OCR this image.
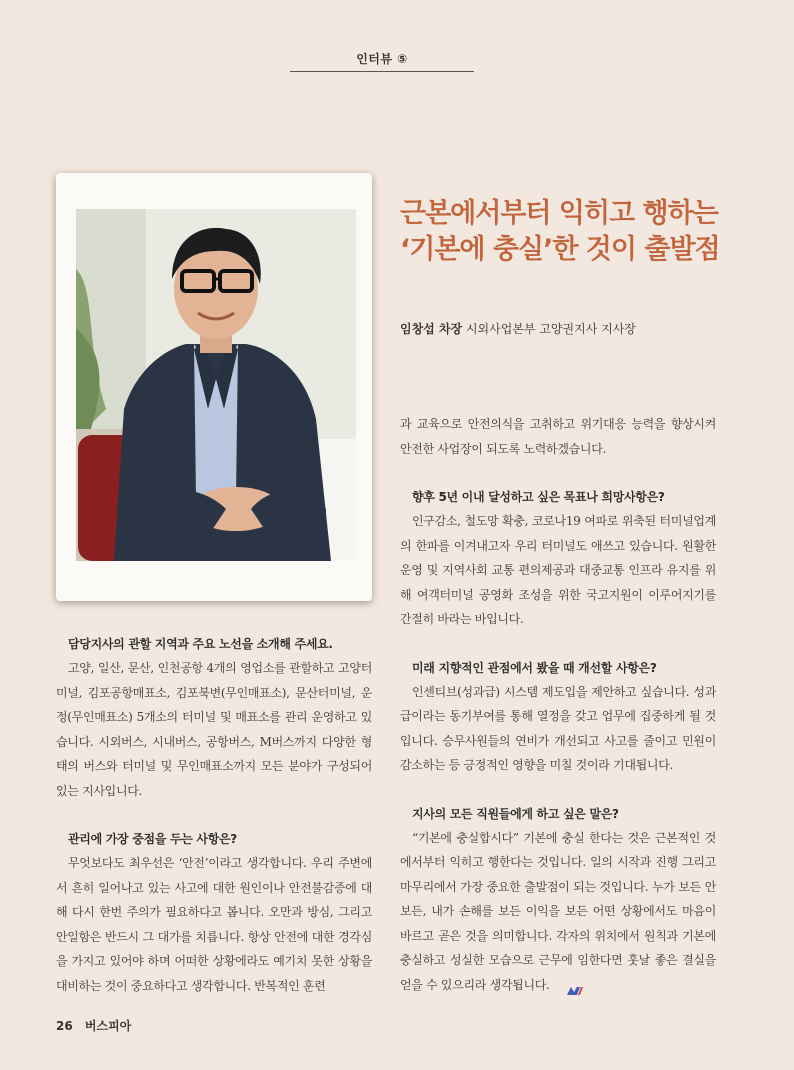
인터뷰 ⑤
근본에서부터 익히고 행하는
‘기본에 충실’한 것이 출발점
임창섭 차장 시외사업본부 고양권지사 지사장
담당지사의 관할 지역과 주요 노선을 소개해 주세요.

고양, 일산, 문산, 인천공항 4개의 영업소를 관할하고 고양터미널, 김포공항매표소, 김포북변(무인매표소), 문산터미널, 운정(무인매표소) 5개소의 터미널 및 매표소를 관리 운영하고 있습니다. 시외버스, 시내버스, 공항버스, M버스까지 다양한 형태의 버스와 터미널 및 무인매표소까지 모든 분야가 구성되어 있는 지사입니다.

관리에 가장 중점을 두는 사항은?

무엇보다도 최우선은 ‘안전’이라고 생각합니다. 우리 주변에서 흔히 일어나고 있는 사고에 대한 원인이나 안전불감증에 대해 다시 한번 주의가 필요하다고 봅니다. 오만과 방심, 그리고 안일함은 반드시 그 대가를 치릅니다. 항상 안전에 대한 경각심을 가지고 있어야 하며 어떠한 상황에라도 예기치 못한 상황을 대비하는 것이 중요하다고 생각합니다. 반복적인 훈련

과 교육으로 안전의식을 고취하고 위기대응 능력을 향상시켜 안전한 사업장이 되도록 노력하겠습니다.

향후 5년 이내 달성하고 싶은 목표나 희망사항은?

인구감소, 철도망 확충, 코로나19 여파로 위축된 터미널업계의 한파를 이겨내고자 우리 터미널도 애쓰고 있습니다. 원활한 운영 및 지역사회 교통 편의제공과 대중교통 인프라 유지를 위해 여객터미널 공영화 조성을 위한 국고지원이 이루어지기를 간절히 바라는 바입니다.

미래 지향적인 관점에서 봤을 때 개선할 사항은?

인센티브(성과급) 시스템 제도입을 제안하고 싶습니다. 성과급이라는 동기부여를 통해 열정을 갖고 업무에 집중하게 될 것입니다. 승무사원들의 연비가 개선되고 사고를 줄이고 민원이 감소하는 등 긍정적인 영향을 미칠 것이라 기대됩니다.

지사의 모든 직원들에게 하고 싶은 말은?

“기본에 충실합시다” 기본에 충실 한다는 것은 근본적인 것에서부터 익히고 행한다는 것입니다. 일의 시작과 진행 그리고 마무리에서 가장 중요한 출발점이 되는 것입니다. 누가 보든 안 보든, 내가 손해를 보든 이익을 보든 어떤 상황에서도 마음이 바르고 곧은 것을 의미합니다. 각자의 위치에서 원칙과 기본에 충실하고 성실한 모습으로 근무에 임한다면 훗날 좋은 결실을 얻을 수 있으리라 생각됩니다.

26 버스피아
